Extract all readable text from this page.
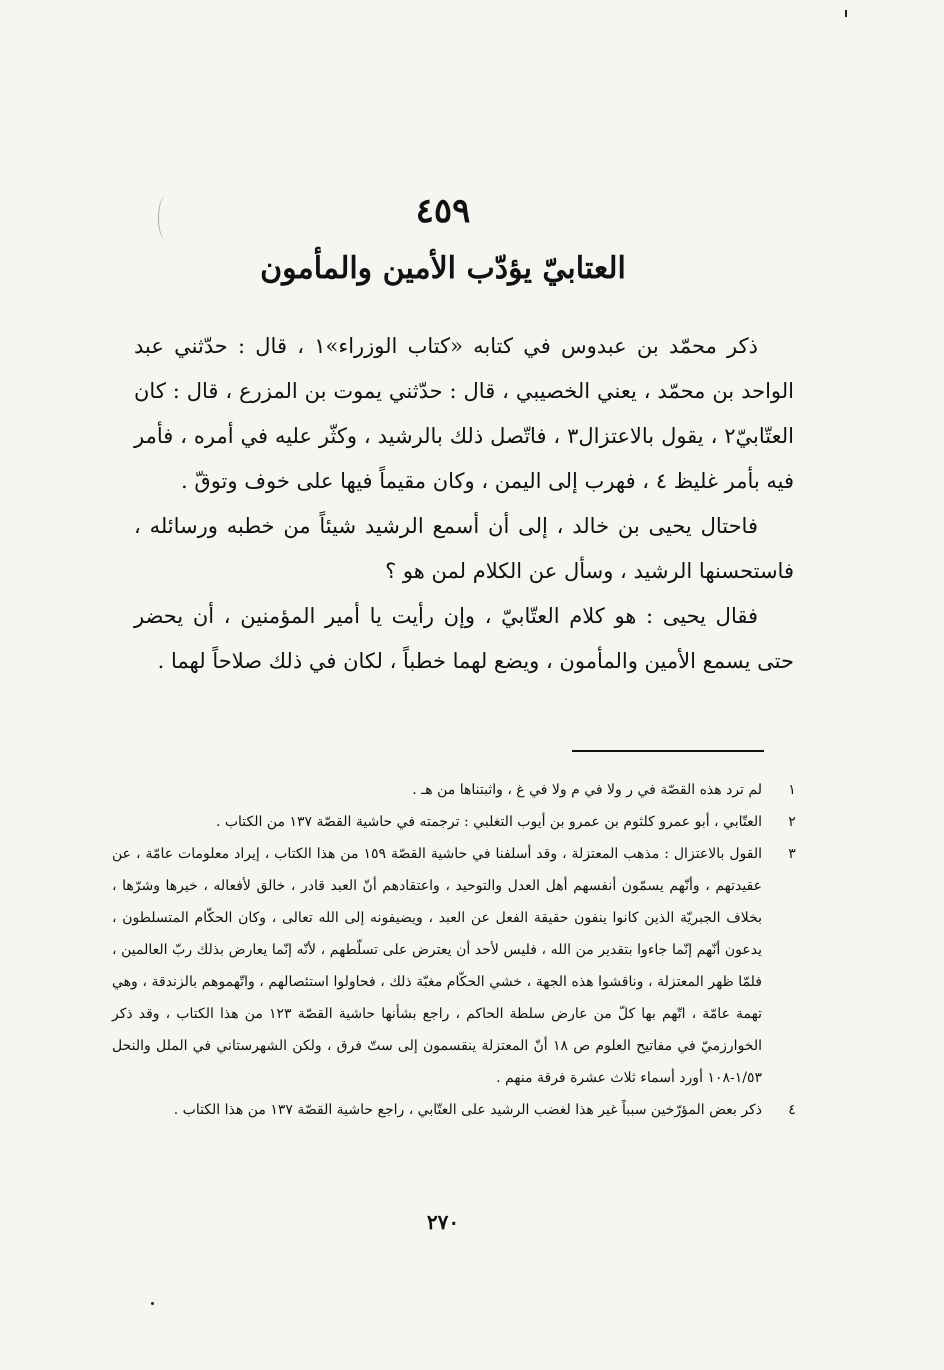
٤٥٩
العتابيّ يؤدّب الأمين والمأمون

ذكر محمّد بن عبدوس في كتابه «كتاب الوزراء»١ ، قال : حدّثني عبد الواحد بن محمّد ، يعني الخصيبي ، قال : حدّثني يموت بن المزرع ، قال : كان العتّابيّ٢ ، يقول بالاعتزال٣ ، فاتّصل ذلك بالرشيد ، وكثّر عليه في أمره ، فأمر فيه بأمر غليظ ٤ ، فهرب إلى اليمن ، وكان مقيماً فيها على خوف وتوقّ .

فاحتال يحيى بن خالد ، إلى أن أسمع الرشيد شيئاً من خطبه ورسائله ، فاستحسنها الرشيد ، وسأل عن الكلام لمن هو ؟

فقال يحيى : هو كلام العتّابيّ ، وإن رأيت يا أمير المؤمنين ، أن يحضر حتى يسمع الأمين والمأمون ، ويضع لهما خطباً ، لكان في ذلك صلاحاً لهما .

١
لم ترد هذه القصّة في ر ولا في م ولا في غ ، واثبتناها من هـ .
٢
العتّابي ، أبو عمرو كلثوم بن عمرو بن أيوب التغلبي : ترجمته في حاشية القصّة ١٣٧ من الكتاب .
٣
القول بالاعتزال : مذهب المعتزلة ، وقد أسلفنا في حاشية القصّة ١٥٩ من هذا الكتاب ، إيراد معلومات عامّة ، عن عقيدتهم ، وأنّهم يسمّون أنفسهم أهل العدل والتوحيد ، واعتقادهم أنّ العبد قادر ، خالق لأفعاله ، خيرها وشرّها ، بخلاف الجبريّة الذين كانوا ينفون حقيقة الفعل عن العبد ، ويضيفونه إلى الله تعالى ، وكان الحكّام المتسلطون ، يدعون أنّهم إنّما جاءوا بتقدير من الله ، فليس لأحد أن يعترض على تسلّطهم ، لأنّه إنّما يعارض بذلك ربّ العالمين ، فلمّا ظهر المعتزلة ، وناقشوا هذه الجهة ، خشي الحكّام مغبّة ذلك ، فحاولوا استئصالهم ، واتّهموهم بالزندقة ، وهي تهمة عامّة ، اتّهم بها كلّ من عارض سلطة الحاكم ، راجع بشأنها حاشية القصّة ١٢٣ من هذا الكتاب ، وقد ذكر الخوارزميّ في مفاتيح العلوم ص ١٨ أنّ المعتزلة ينقسمون إلى ستّ فرق ، ولكن الشهرستاني في الملل والنحل ١/٥٣-١٠٨ أورد أسماء ثلاث عشرة فرقة منهم .
٤
ذكر بعض المؤرّخين سبباً غير هذا لغضب الرشيد على العتّابي ، راجع حاشية القصّة ١٣٧ من هذا الكتاب .
٢٧٠
